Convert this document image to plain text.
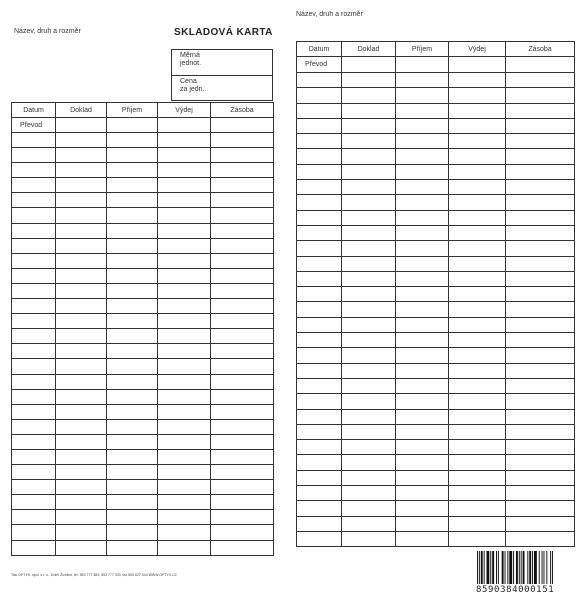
Název, druh a rozměr	SKLADOVÁ KARTA
Měrná
jednot.
Cena
za jedn.
Datum	Doklad	Příjem	Výdej	Zásoba
Převod				

Tisk OPTYS, spol. s r. o., Dolní Životice, tel. 553 777 389, 553 777 333, fax 553 627 440 WWW.OPTYS.CZ
Název, druh a rozměr
Datum	Doklad	Příjem	Výdej	Zásoba
Převod				

8590384000151
